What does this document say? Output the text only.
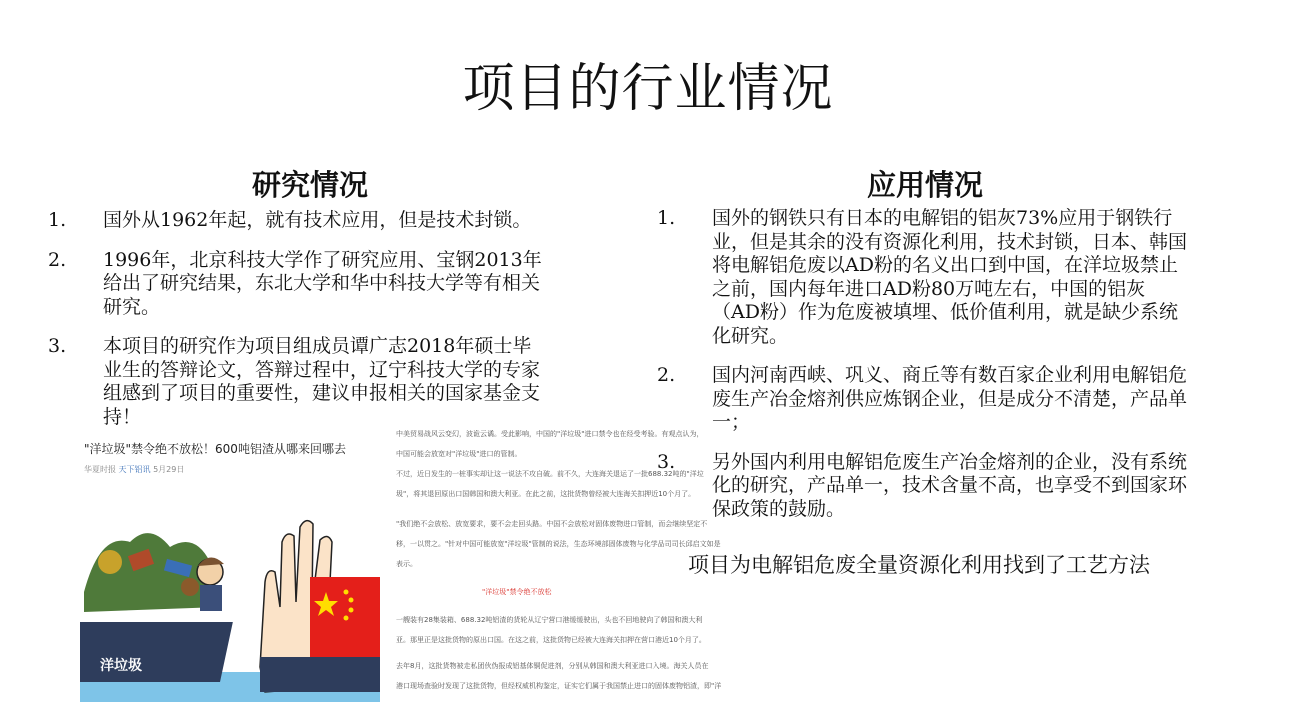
项目的行业情况
研究情况
1. 国外从1962年起，就有技术应用，但是技术封锁。
2. 1996年，北京科技大学作了研究应用、宝钢2013年给出了研究结果，东北大学和华中科技大学等有相关研究。
3. 本项目的研究作为项目组成员谭广志2018年硕士毕业生的答辩论文，答辩过程中，辽宁科技大学的专家组感到了项目的重要性，建议申报相关的国家基金支持！
应用情况
1. 国外的钢铁只有日本的电解铝的铝灰73%应用于钢铁行业，但是其余的没有资源化利用，技术封锁，日本、韩国将电解铝危废以AD粉的名义出口到中国，在洋垃圾禁止之前，国内每年进口AD粉80万吨左右，中国的铝灰（AD粉）作为危废被填埋、低价值利用，就是缺少系统化研究。
2. 国内河南西峡、巩义、商丘等有数百家企业利用电解铝危废生产冶金熔剂供应炼钢企业，但是成分不清楚，产品单一；
3. 另外国内利用电解铝危废生产冶金熔剂的企业，没有系统化的研究，产品单一，技术含量不高，也享受不到国家环保政策的鼓励。
项目为电解铝危废全量资源化利用找到了工艺方法
"洋垃圾"禁令绝不放松！600吨铝渣从哪来回哪去
华夏时报 天下铝讯 5月29日
洋垃圾
中美贸易战风云变幻，波诡云谲。受此影响，中国的"洋垃圾"进口禁令也在经受考验。有观点认为，
中国可能会放宽对"洋垃圾"进口的管制。
不过，近日发生的一桩事实却让这一说法不攻自破。前不久，大连海关退运了一批688.32吨的"洋垃
圾"，将其退回原出口国韩国和澳大利亚。在此之前，这批货物曾经被大连海关扣押近10个月了。
"我们绝不会放松、放宽要求，要不会走回头路。中国不会放松对固体废物进口管制，而会继续坚定不
移，一以贯之。"针对中国可能放宽"洋垃圾"管制的说法，生态环境部固体废物与化学品司司长邱启文如是
表示。
"洋垃圾"禁令绝不放松
一艘装有28集装箱、688.32吨铝渣的货轮从辽宁营口港缓缓驶出，头也不回地驶向了韩国和澳大利
亚。那里正是这批货物的原出口国。在这之前，这批货物已经被大连海关扣押在营口港近10个月了。
去年8月，这批货物被走私团伙伪报成铝基体铜促进剂，分别从韩国和澳大利亚进口入境。海关人员在
港口现场查验时发现了这批货物，但经权威机构鉴定，证实它们属于我国禁止进口的固体废物铝渣，即"洋
